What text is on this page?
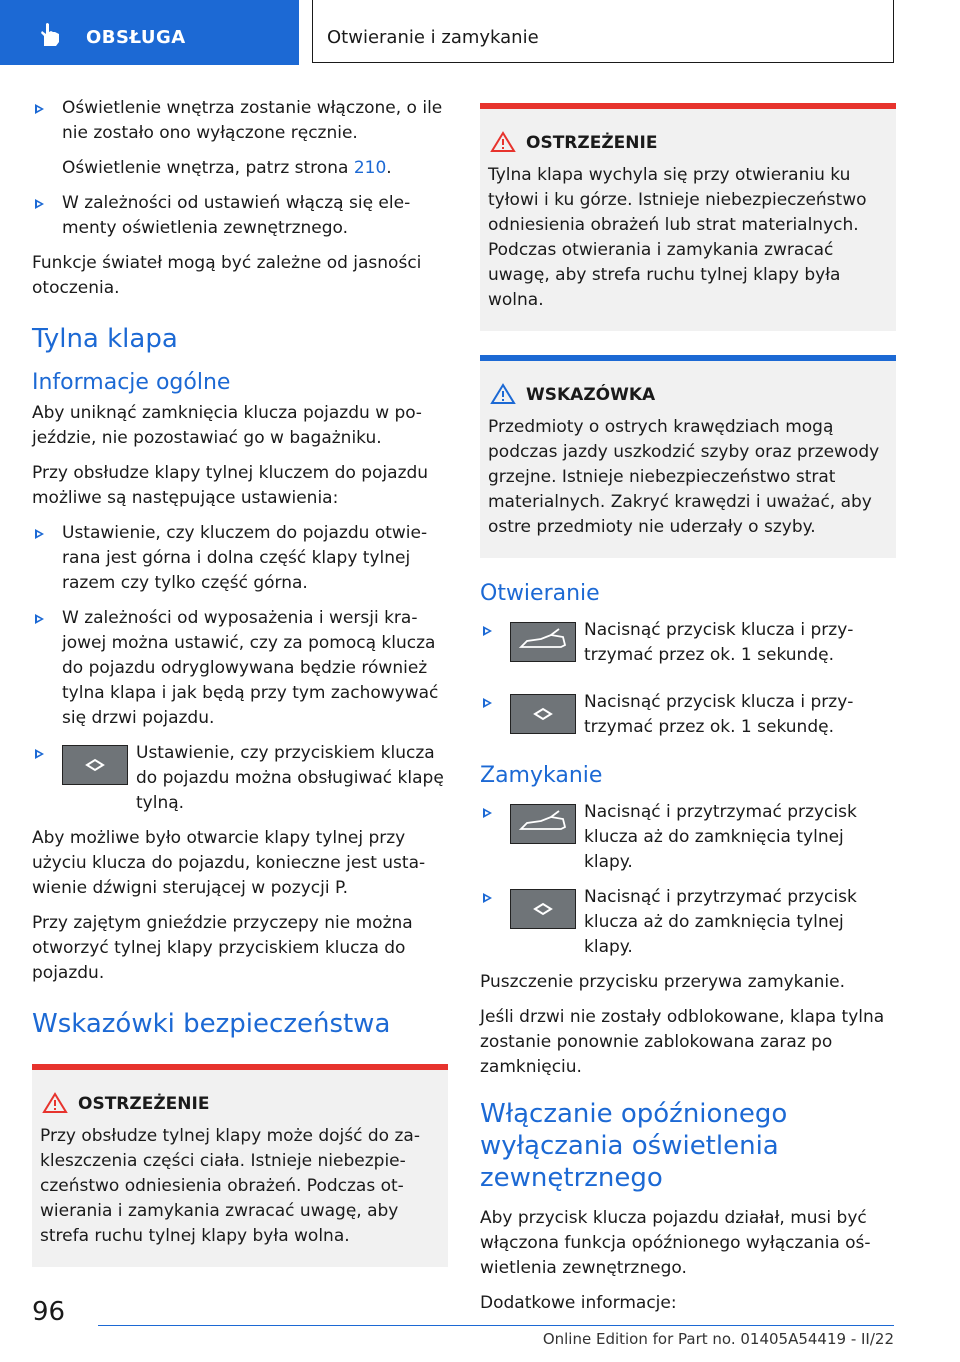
OBSŁUGA	Otwieranie i zamykanie
Oświetlenie wnętrza zostanie włączone, o ile nie zostało ono wyłączone ręcznie.

Oświetlenie wnętrza, patrz strona 210.

W zależności od ustawień włączą się elementy oświetlenia zewnętrznego.

Funkcje świateł mogą być zależne od jasności otoczenia.

Tylna klapa
Informacje ogólne

Aby uniknąć zamknięcia klucza pojazdu w pojeździe, nie pozostawiać go w bagażniku.

Przy obsłudze klapy tylnej kluczem do pojazdu możliwe są następujące ustawienia:

Ustawienie, czy kluczem do pojazdu otwierana jest górna i dolna część klapy tylnej razem czy tylko część górna.
W zależności od wyposażenia i wersji krajowej można ustawić, czy za pomocą klucza do pojazdu odryglowywana będzie również tylna klapa i jak będą przy tym zachowywać się drzwi pojazdu.
Ustawienie, czy przyciskiem klucza do pojazdu można obsługiwać klapę tylną.

Aby możliwe było otwarcie klapy tylnej przy użyciu klucza do pojazdu, konieczne jest ustawienie dźwigni sterującej w pozycji P.

Przy zajętym gnieździe przyczepy nie można otworzyć tylnej klapy przyciskiem klucza do pojazdu.

Wskazówki bezpieczeństwa
OSTRZEŻENIE

Przy obsłudze tylnej klapy może dojść do zakleszczenia części ciała. Istnieje niebezpieczeństwo odniesienia obrażeń. Podczas otwierania i zamykania zwracać uwagę, aby strefa ruchu tylnej klapy była wolna.

OSTRZEŻENIE

Tylna klapa wychyla się przy otwieraniu ku tyłowi i ku górze. Istnieje niebezpieczeństwo odniesienia obrażeń lub strat materialnych. Podczas otwierania i zamykania zwracać uwagę, aby strefa ruchu tylnej klapy była wolna.

WSKAZÓWKA

Przedmioty o ostrych krawędziach mogą podczas jazdy uszkodzić szyby oraz przewody grzejne. Istnieje niebezpieczeństwo strat materialnych. Zakryć krawędzi i uważać, aby ostre przedmioty nie uderzały o szyby.

Otwieranie
Nacisnąć przycisk klucza i przytrzymać przez ok. 1 sekundę.
Nacisnąć przycisk klucza i przytrzymać przez ok. 1 sekundę.
Zamykanie
Nacisnąć i przytrzymać przycisk klucza aż do zamknięcia tylnej klapy.
Nacisnąć i przytrzymać przycisk klucza aż do zamknięcia tylnej klapy.

Puszczenie przycisku przerywa zamykanie.

Jeśli drzwi nie zostały odblokowane, klapa tylna zostanie ponownie zablokowana zaraz po zamknięciu.

Włączanie opóźnionego wyłączania oświetlenia zewnętrznego

Aby przycisk klucza pojazdu działał, musi być włączona funkcja opóźnionego wyłączania oświetlenia zewnętrznego.

Dodatkowe informacje:

96
Online Edition for Part no. 01405A54419 - II/22
